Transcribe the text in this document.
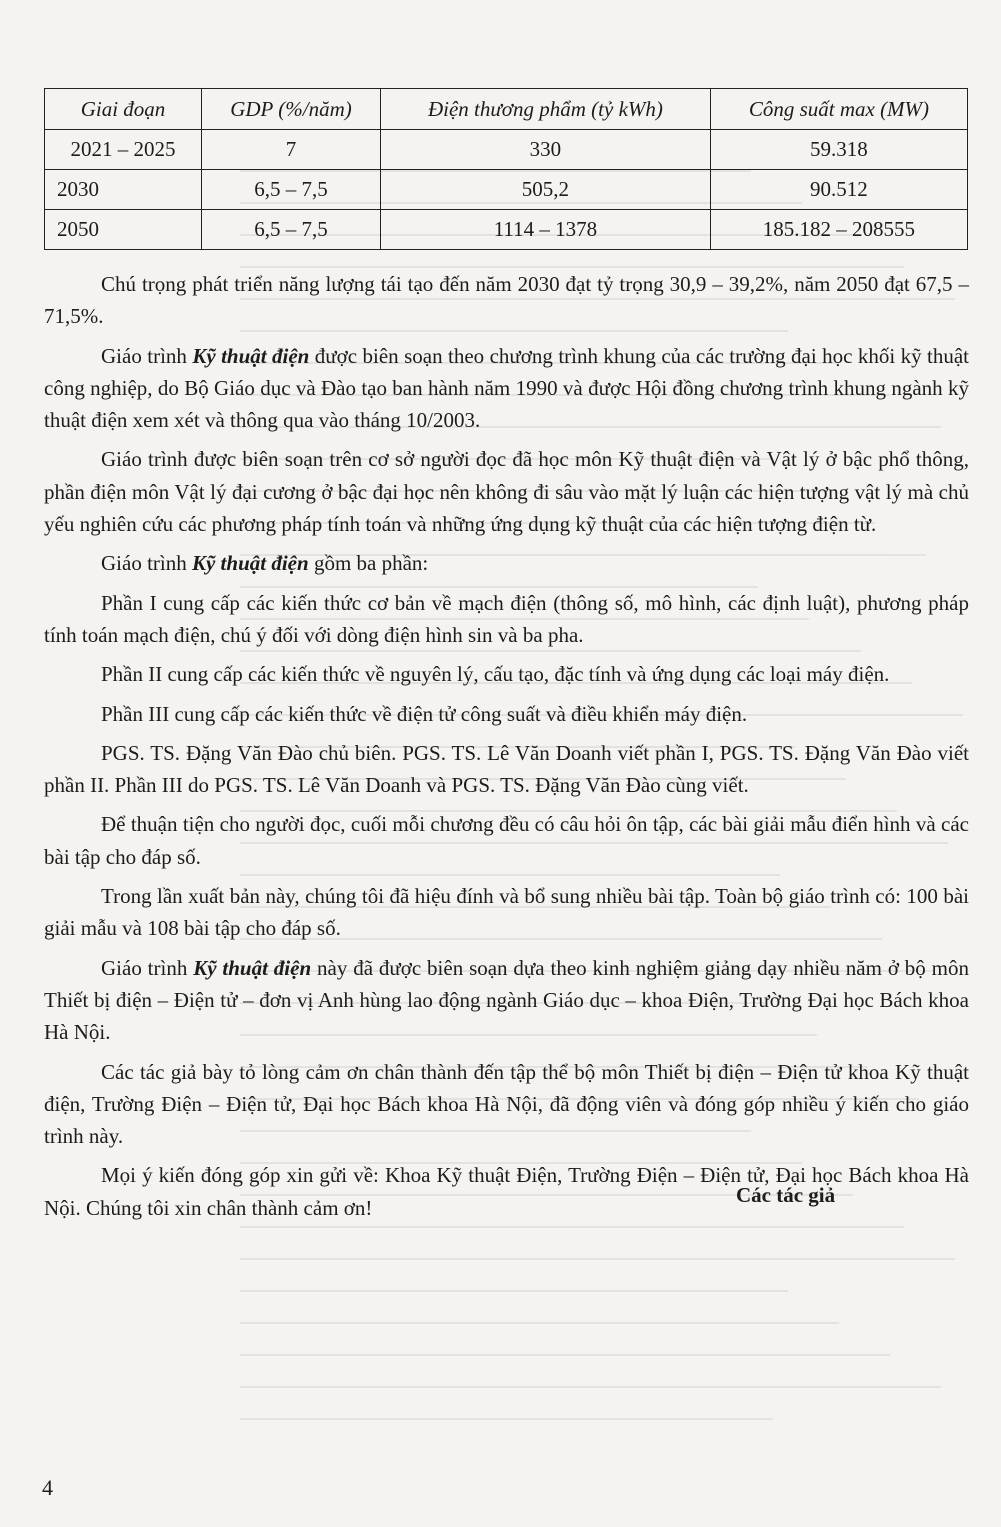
Giai đoạn	GDP (%/năm)	Điện thương phẩm (tỷ kWh)	Công suất max (MW)
2021 – 2025	7	330	59.318
2030	6,5 – 7,5	505,2	90.512
2050	6,5 – 7,5	1114 – 1378	185.182 – 208555

Chú trọng phát triển năng lượng tái tạo đến năm 2030 đạt tỷ trọng 30,9 – 39,2%, năm 2050 đạt 67,5 – 71,5%.

Giáo trình Kỹ thuật điện được biên soạn theo chương trình khung của các trường đại học khối kỹ thuật công nghiệp, do Bộ Giáo dục và Đào tạo ban hành năm 1990 và được Hội đồng chương trình khung ngành kỹ thuật điện xem xét và thông qua vào tháng 10/2003.

Giáo trình được biên soạn trên cơ sở người đọc đã học môn Kỹ thuật điện và Vật lý ở bậc phổ thông, phần điện môn Vật lý đại cương ở bậc đại học nên không đi sâu vào mặt lý luận các hiện tượng vật lý mà chủ yếu nghiên cứu các phương pháp tính toán và những ứng dụng kỹ thuật của các hiện tượng điện từ.

Giáo trình Kỹ thuật điện gồm ba phần:

Phần I cung cấp các kiến thức cơ bản về mạch điện (thông số, mô hình, các định luật), phương pháp tính toán mạch điện, chú ý đối với dòng điện hình sin và ba pha.

Phần II cung cấp các kiến thức về nguyên lý, cấu tạo, đặc tính và ứng dụng các loại máy điện.

Phần III cung cấp các kiến thức về điện tử công suất và điều khiển máy điện.

PGS. TS. Đặng Văn Đào chủ biên. PGS. TS. Lê Văn Doanh viết phần I, PGS. TS. Đặng Văn Đào viết phần II. Phần III do PGS. TS. Lê Văn Doanh và PGS. TS. Đặng Văn Đào cùng viết.

Để thuận tiện cho người đọc, cuối mỗi chương đều có câu hỏi ôn tập, các bài giải mẫu điển hình và các bài tập cho đáp số.

Trong lần xuất bản này, chúng tôi đã hiệu đính và bổ sung nhiều bài tập. Toàn bộ giáo trình có: 100 bài giải mẫu và 108 bài tập cho đáp số.

Giáo trình Kỹ thuật điện này đã được biên soạn dựa theo kinh nghiệm giảng dạy nhiều năm ở bộ môn Thiết bị điện – Điện tử – đơn vị Anh hùng lao động ngành Giáo dục – khoa Điện, Trường Đại học Bách khoa Hà Nội.

Các tác giả bày tỏ lòng cảm ơn chân thành đến tập thể bộ môn Thiết bị điện – Điện tử khoa Kỹ thuật điện, Trường Điện – Điện tử, Đại học Bách khoa Hà Nội, đã động viên và đóng góp nhiều ý kiến cho giáo trình này.

Mọi ý kiến đóng góp xin gửi về: Khoa Kỹ thuật Điện, Trường Điện – Điện tử, Đại học Bách khoa Hà Nội. Chúng tôi xin chân thành cảm ơn!

Các tác giả
4
